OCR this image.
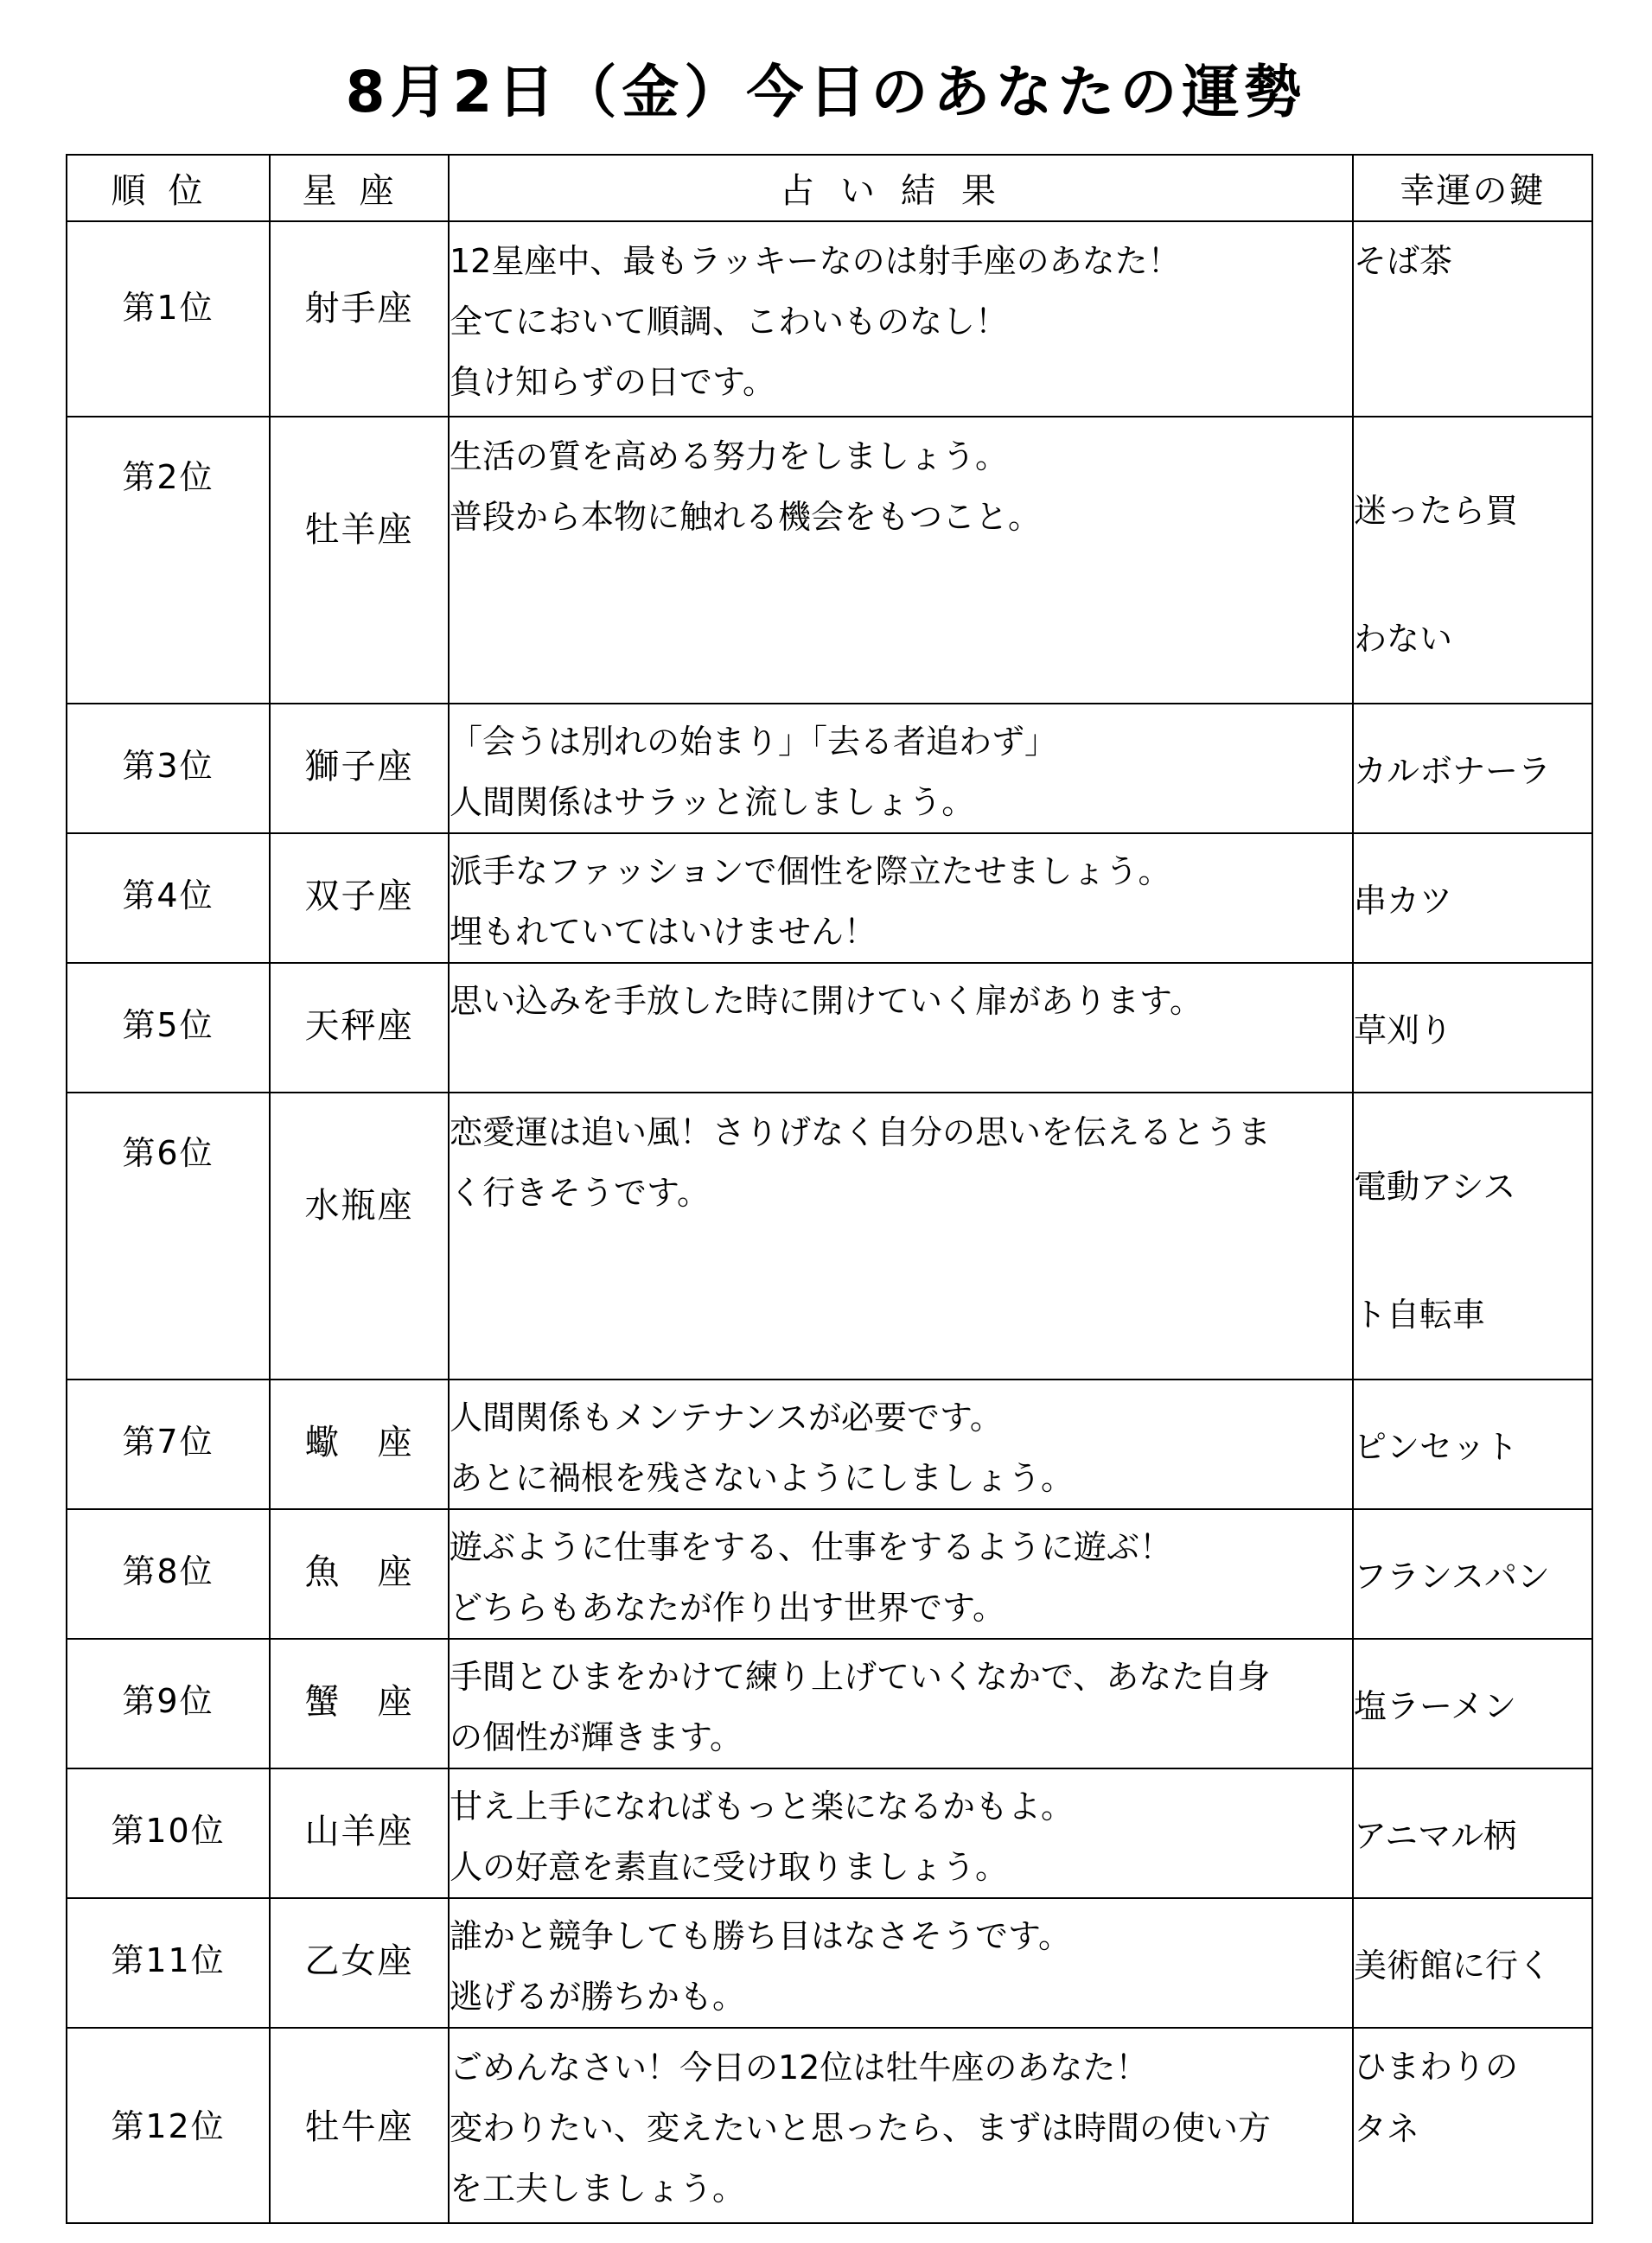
8月2日（金）今日のあなたの運勢
順位	星座	占い結果	幸運の鍵
第1位	射手座	12星座中、最もラッキーなのは射手座のあなた！
全てにおいて順調、こわいものなし！
負け知らずの日です。	そば茶

第2位	牡羊座	生活の質を高める努力をしましょう。
普段から本物に触れる機会をもつこと。	迷ったら買
わない

第3位	獅子座	「会うは別れの始まり」「去る者追わず」
人間関係はサラッと流しましょう。	カルボナーラ

第4位	双子座	派手なファッションで個性を際立たせましょう。
埋もれていてはいけません！	串カツ

第5位	天秤座	思い込みを手放した時に開けていく扉があります。	草刈り

第6位	水瓶座	恋愛運は追い風！さりげなく自分の思いを伝えるとうま
く行きそうです。	電動アシス
ト自転車

第7位	蠍　座	人間関係もメンテナンスが必要です。
あとに禍根を残さないようにしましょう。	ピンセット

第8位	魚　座	遊ぶように仕事をする、仕事をするように遊ぶ！
どちらもあなたが作り出す世界です。	フランスパン

第9位	蟹　座	手間とひまをかけて練り上げていくなかで、あなた自身
の個性が輝きます。	塩ラーメン

第10位	山羊座	甘え上手になればもっと楽になるかもよ。
人の好意を素直に受け取りましょう。	アニマル柄

第11位	乙女座	誰かと競争しても勝ち目はなさそうです。
逃げるが勝ちかも。	美術館に行く

第12位	牡牛座	ごめんなさい！今日の12位は牡牛座のあなた！
変わりたい、変えたいと思ったら、まずは時間の使い方
を工夫しましょう。	ひまわりの
タネ
